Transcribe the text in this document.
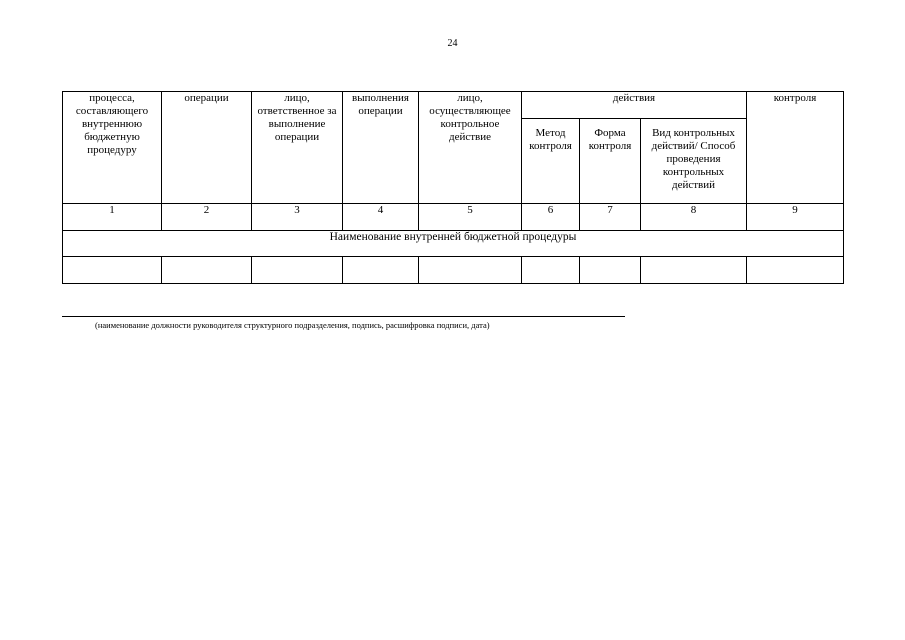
24
процесса, составляющего внутреннюю бюджетную процедуру	операции	лицо, ответственное за выполнение операции	выполнения операции	лицо, осуществляющее контрольное действие	действия			контроля
					Метод контроля	Форма контроля	Вид контрольных действий/ Способ проведения контрольных действий	
1	2	3	4	5	6	7	8	9
Наименование внутренней бюджетной процедуры								

(наименование должности руководителя структурного подразделения, подпись, расшифровка подписи, дата)
